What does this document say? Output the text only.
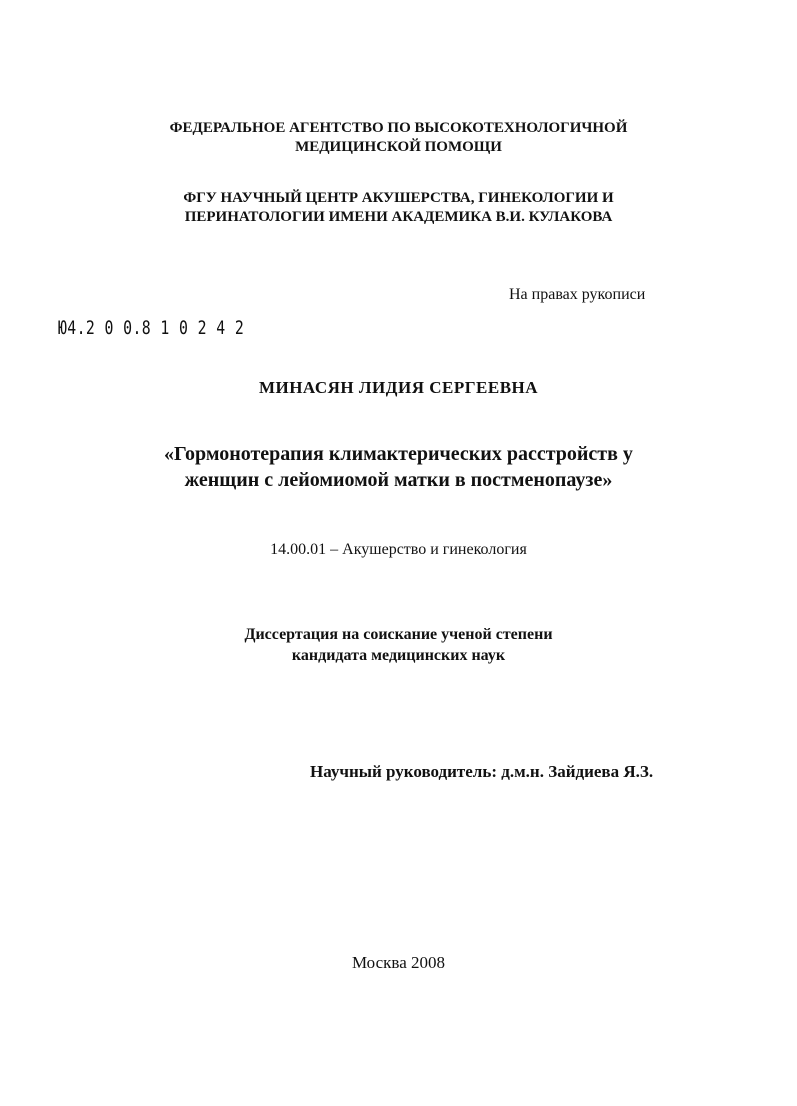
ФЕДЕРАЛЬНОЕ АГЕНТСТВО ПО ВЫСОКОТЕХНОЛОГИЧНОЙ
МЕДИЦИНСКОЙ ПОМОЩИ
ФГУ НАУЧНЫЙ ЦЕНТР АКУШЕРСТВА, ГИНЕКОЛОГИИ И
ПЕРИНАТОЛОГИИ ИМЕНИ АКАДЕМИКА В.И. КУЛАКОВА
На правах рукописи
Ю4.2 0 0.8 1 0 2 4 2
МИНАСЯН ЛИДИЯ СЕРГЕЕВНА
«Гормонотерапия климактерических расстройств у
женщин с лейомиомой матки в постменопаузе»
14.00.01 – Акушерство и гинекология
Диссертация на соискание ученой степени
кандидата медицинских наук
Научный руководитель: д.м.н. Зайдиева Я.З.
Москва 2008
